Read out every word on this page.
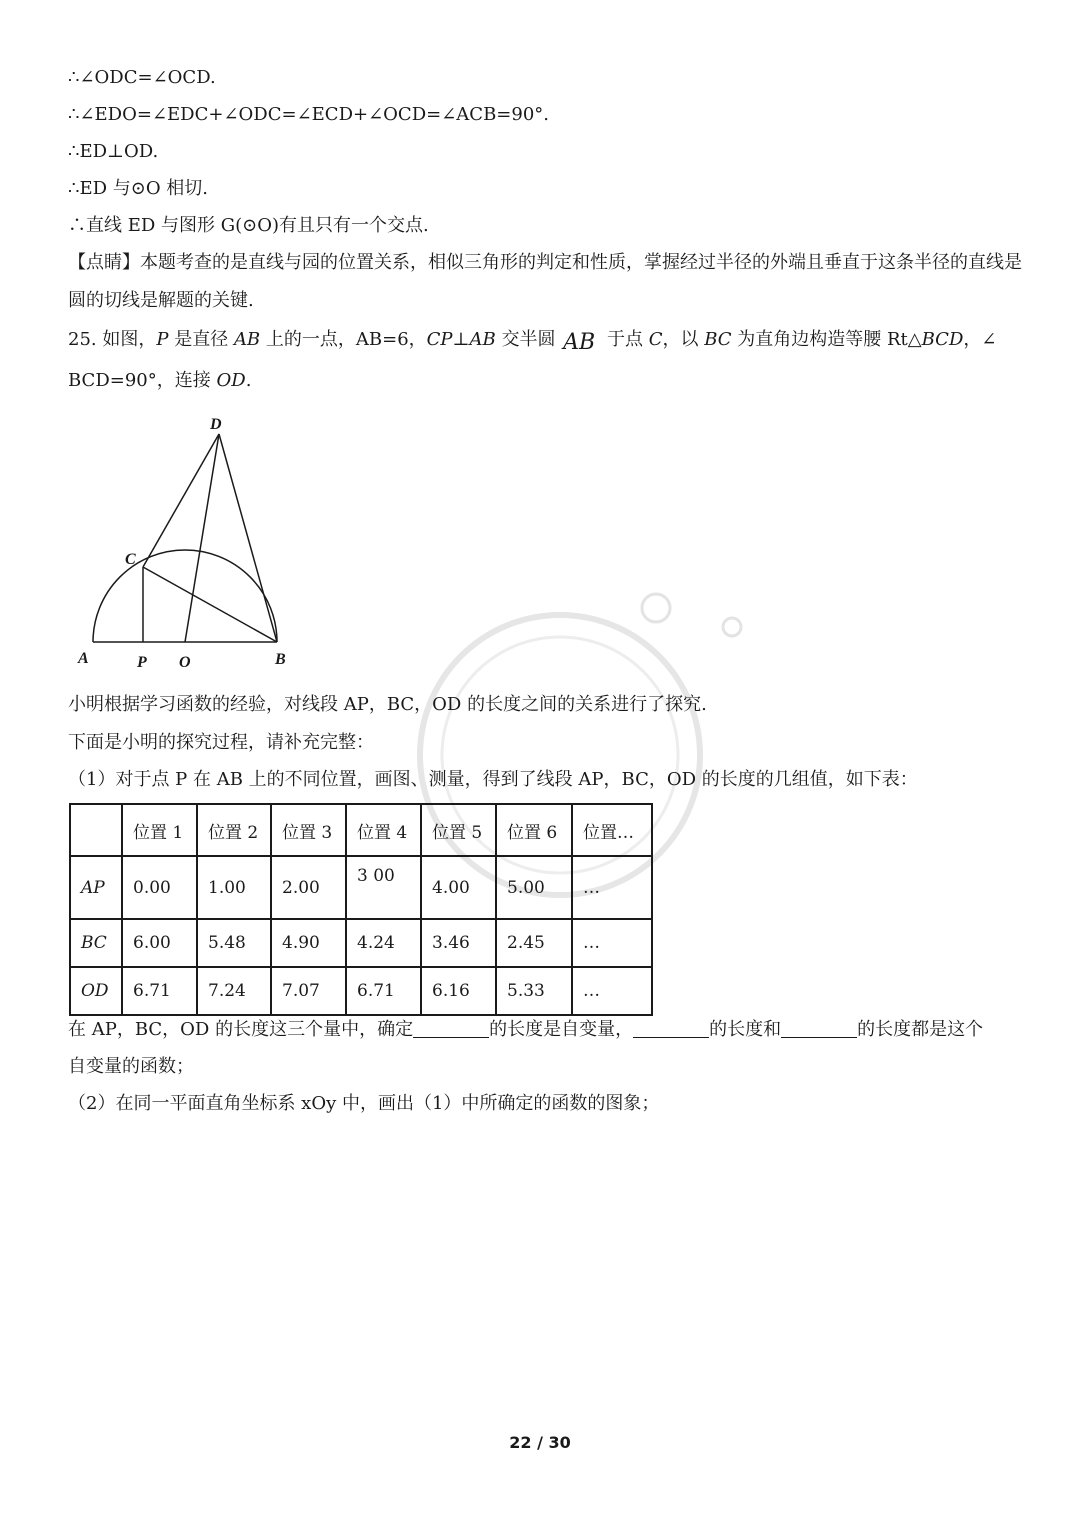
∴∠ODC=∠OCD.
∴∠EDO=∠EDC+∠ODC=∠ECD+∠OCD=∠ACB=90°.
∴ED⊥OD.
∴ED 与⊙O 相切.
∴直线 ED 与图形 G(⊙O)有且只有一个交点.
【点睛】本题考查的是直线与园的位置关系，相似三角形的判定和性质，掌握经过半径的外端且垂直于这条半径的直线是圆的切线是解题的关键.
25. 如图，P 是直径 AB 上的一点，AB=6，CP⊥AB 交半圆 AB 于点 C，以 BC 为直角边构造等腰 Rt△BCD，∠
BCD=90°，连接 OD.
A	P O	B
C
D
小明根据学习函数的经验，对线段 AP，BC，OD 的长度之间的关系进行了探究.
下面是小明的探究过程，请补充完整：
（1）对于点 P 在 AB 上的不同位置，画图、测量，得到了线段 AP，BC，OD 的长度的几组值，如下表：
	位置 1	位置 2	位置 3	位置 4	位置 5	位置 6	位置…
AP	0.00	1.00	2.00	3 00	4.00	5.00	…
BC	6.00	5.48	4.90	4.24	3.46	2.45	…
OD	6.71	7.24	7.07	6.71	6.16	5.33	…
在 AP，BC，OD 的长度这三个量中，确定	的长度是自变量，	的长度和	的长度都是这个
自变量的函数；
（2）在同一平面直角坐标系 xOy 中，画出（1）中所确定的函数的图象；
22 / 30
